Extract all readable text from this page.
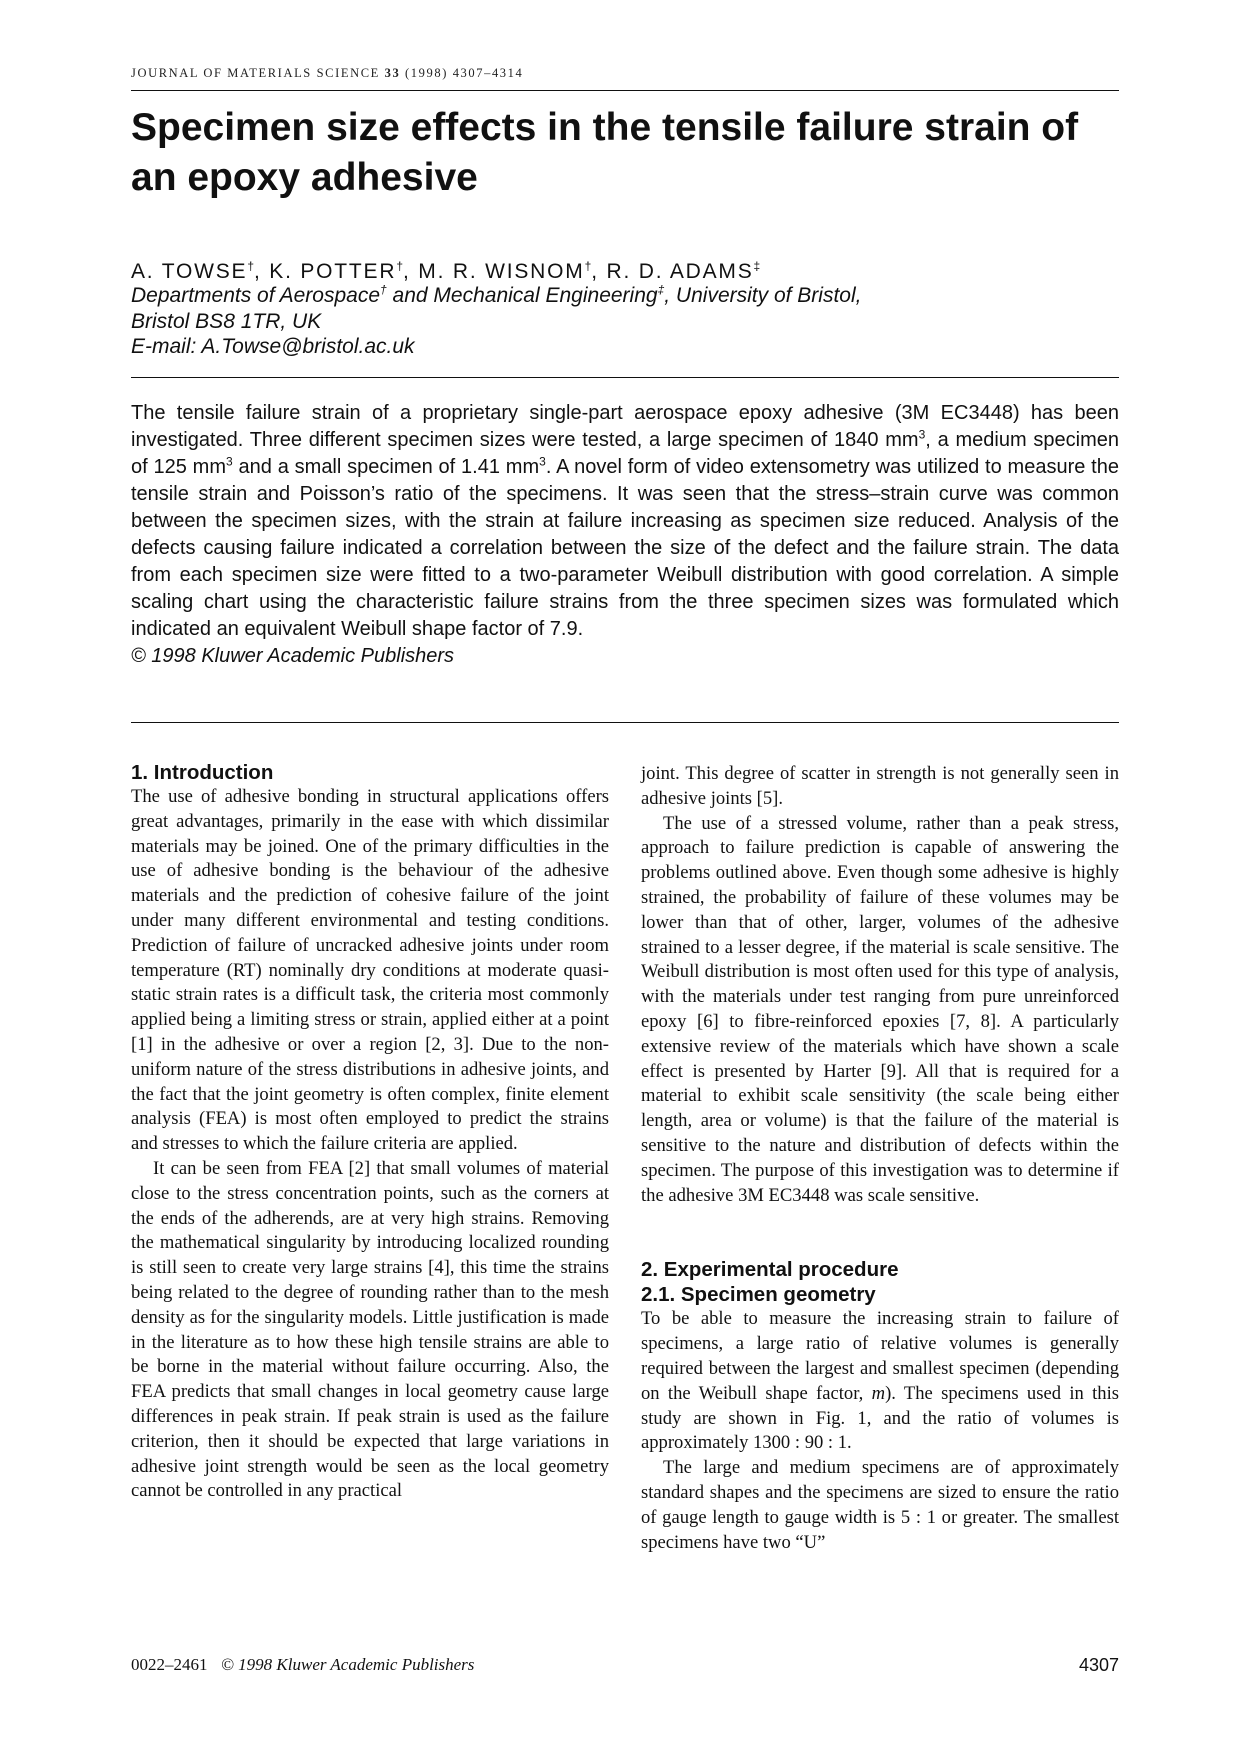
JOURNAL OF MATERIALS SCIENCE 33 (1998) 4307–4314
Specimen size effects in the tensile failure strain of an epoxy adhesive
A. TOWSE†, K. POTTER†, M. R. WISNOM†, R. D. ADAMS‡
Departments of Aerospace† and Mechanical Engineering‡, University of Bristol,
Bristol BS8 1TR, UK
E-mail: A.Towse@bristol.ac.uk
The tensile failure strain of a proprietary single-part aerospace epoxy adhesive (3M EC3448) has been investigated. Three different specimen sizes were tested, a large specimen of 1840 $mm^3$, a medium specimen of 125 $mm^3$ and a small specimen of 1.41 $mm^3$. A novel form of video extensometry was utilized to measure the tensile strain and Poisson’s ratio of the specimens. It was seen that the stress–strain curve was common between the specimen sizes, with the strain at failure increasing as specimen size reduced. Analysis of the defects causing failure indicated a correlation between the size of the defect and the failure strain. The data from each specimen size were fitted to a two-parameter Weibull distribution with good correlation. A simple scaling chart using the characteristic failure strains from the three specimen sizes was formulated which indicated an equivalent Weibull shape factor of 7.9.
© 1998 Kluwer Academic Publishers
1. Introduction

The use of adhesive bonding in structural applications offers great advantages, primarily in the ease with which dissimilar materials may be joined. One of the primary difficulties in the use of adhesive bonding is the behaviour of the adhesive materials and the prediction of cohesive failure of the joint under many different environmental and testing conditions. Prediction of failure of uncracked adhesive joints under room temperature (RT) nominally dry conditions at moderate quasi-static strain rates is a difficult task, the criteria most commonly applied being a limiting stress or strain, applied either at a point [1] in the adhesive or over a region [2, 3]. Due to the non-uniform nature of the stress distributions in adhesive joints, and the fact that the joint geometry is often complex, finite element analysis (FEA) is most often employed to predict the strains and stresses to which the failure criteria are applied.

It can be seen from FEA [2] that small volumes of material close to the stress concentration points, such as the corners at the ends of the adherends, are at very high strains. Removing the mathematical singularity by introducing localized rounding is still seen to create very large strains [4], this time the strains being related to the degree of rounding rather than to the mesh density as for the singularity models. Little justification is made in the literature as to how these high tensile strains are able to be borne in the material without failure occurring. Also, the FEA predicts that small changes in local geometry cause large differences in peak strain. If peak strain is used as the failure criterion, then it should be expected that large variations in adhesive joint strength would be seen as the local geometry cannot be controlled in any practical

joint. This degree of scatter in strength is not generally seen in adhesive joints [5].

The use of a stressed volume, rather than a peak stress, approach to failure prediction is capable of answering the problems outlined above. Even though some adhesive is highly strained, the probability of failure of these volumes may be lower than that of other, larger, volumes of the adhesive strained to a lesser degree, if the material is scale sensitive. The Weibull distribution is most often used for this type of analysis, with the materials under test ranging from pure unreinforced epoxy [6] to fibre-reinforced epoxies [7, 8]. A particularly extensive review of the materials which have shown a scale effect is presented by Harter [9]. All that is required for a material to exhibit scale sensitivity (the scale being either length, area or volume) is that the failure of the material is sensitive to the nature and distribution of defects within the specimen. The purpose of this investigation was to determine if the adhesive 3M EC3448 was scale sensitive.

2. Experimental procedure
2.1. Specimen geometry

To be able to measure the increasing strain to failure of specimens, a large ratio of relative volumes is generally required between the largest and smallest specimen (depending on the Weibull shape factor, m). The specimens used in this study are shown in Fig. 1, and the ratio of volumes is approximately 1300 : 90 : 1.

The large and medium specimens are of approximately standard shapes and the specimens are sized to ensure the ratio of gauge length to gauge width is 5 : 1 or greater. The smallest specimens have two “U”

0022–2461 © 1998 Kluwer Academic Publishers	4307
